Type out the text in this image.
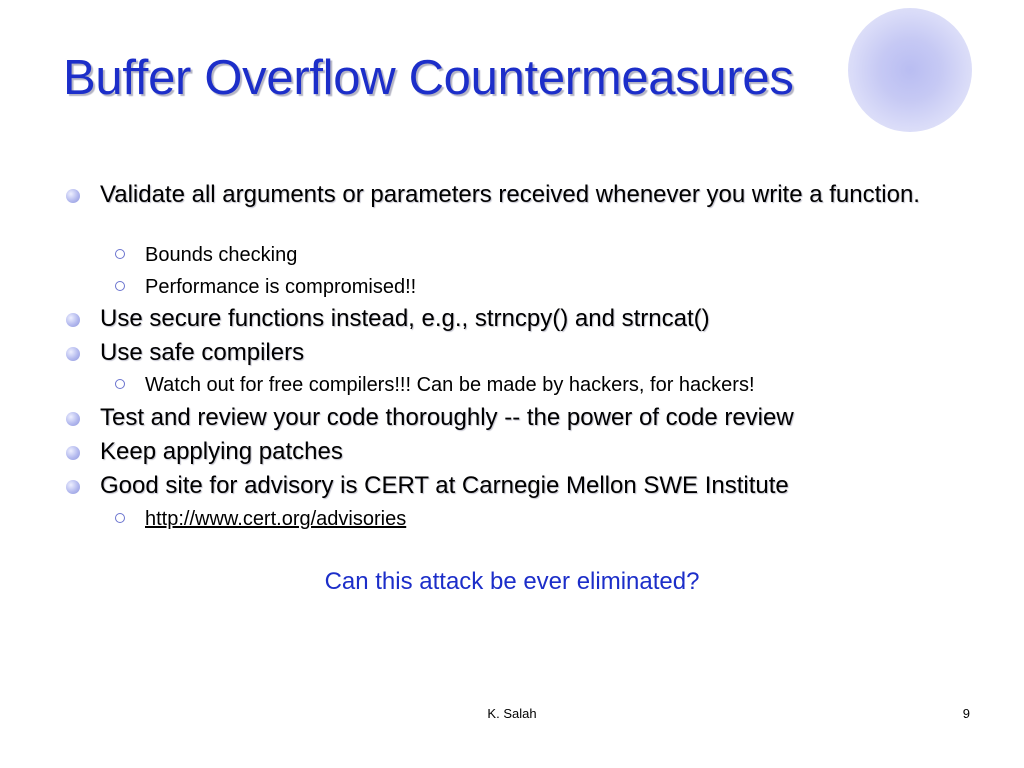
Buffer Overflow Countermeasures
Validate all arguments or parameters received whenever you write a function.
Bounds checking
Performance is compromised!!
Use secure functions instead, e.g., strncpy() and strncat()
Use safe compilers
Watch out for free compilers!!! Can be made by hackers, for hackers!
Test and review your code thoroughly -- the power of code review
Keep applying patches
Good site for advisory is CERT at Carnegie Mellon SWE Institute
http://www.cert.org/advisories
Can this attack be ever eliminated?
K. Salah	9
